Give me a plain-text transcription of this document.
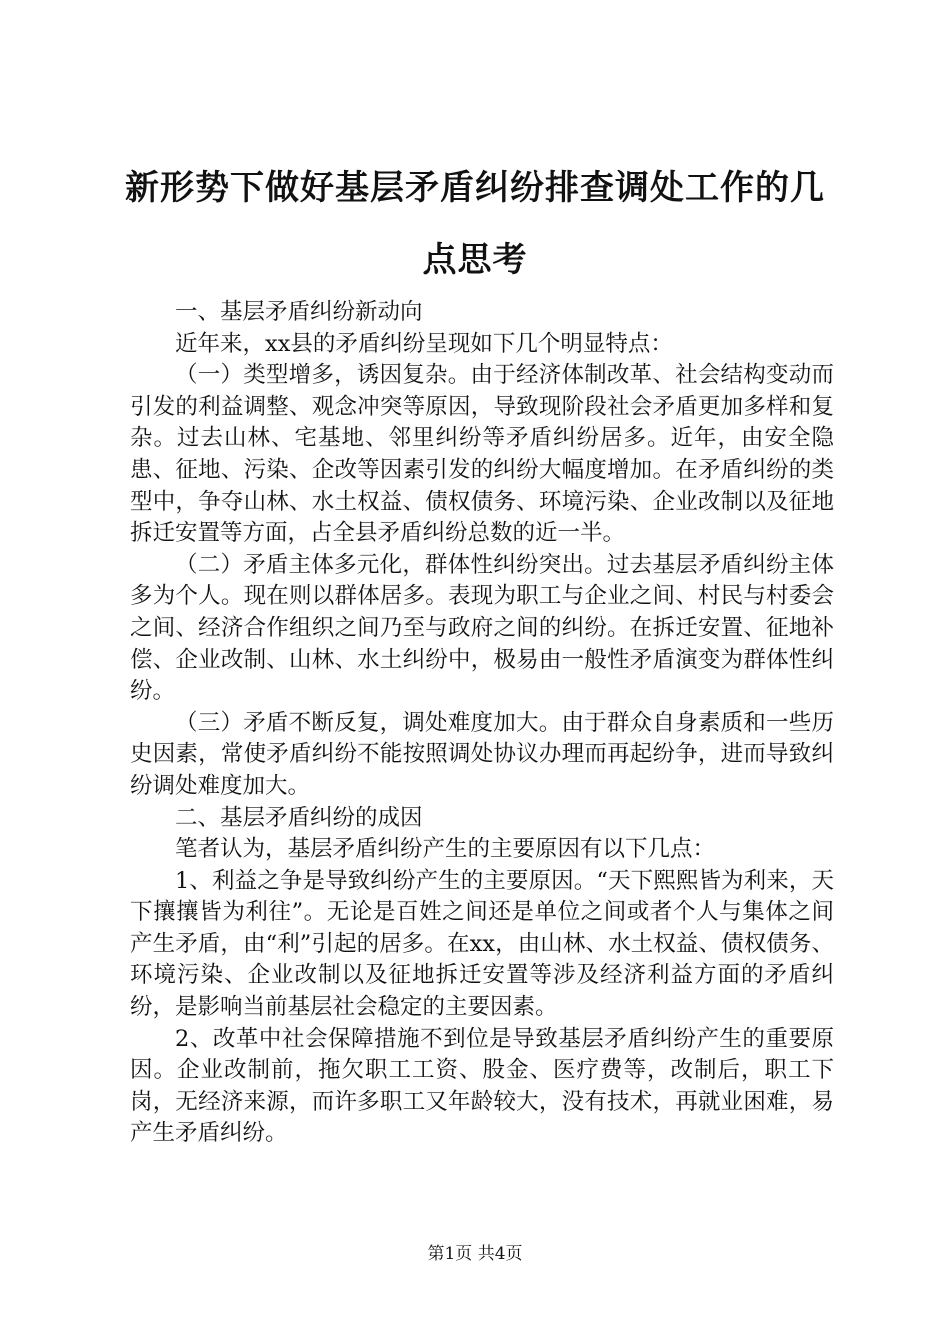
新形势下做好基层矛盾纠纷排查调处工作的几点思考

一、基层矛盾纠纷新动向

近年来，xx县的矛盾纠纷呈现如下几个明显特点：

（一）类型增多，诱因复杂。由于经济体制改革、社会结构变动而引发的利益调整、观念冲突等原因，导致现阶段社会矛盾更加多样和复杂。过去山林、宅基地、邻里纠纷等矛盾纠纷居多。近年，由安全隐患、征地、污染、企改等因素引发的纠纷大幅度增加。在矛盾纠纷的类型中，争夺山林、水土权益、债权债务、环境污染、企业改制以及征地拆迁安置等方面，占全县矛盾纠纷总数的近一半。

（二）矛盾主体多元化，群体性纠纷突出。过去基层矛盾纠纷主体多为个人。现在则以群体居多。表现为职工与企业之间、村民与村委会之间、经济合作组织之间乃至与政府之间的纠纷。在拆迁安置、征地补偿、企业改制、山林、水土纠纷中，极易由一般性矛盾演变为群体性纠纷。

（三）矛盾不断反复，调处难度加大。由于群众自身素质和一些历史因素，常使矛盾纠纷不能按照调处协议办理而再起纷争，进而导致纠纷调处难度加大。

二、基层矛盾纠纷的成因

笔者认为，基层矛盾纠纷产生的主要原因有以下几点：

1、利益之争是导致纠纷产生的主要原因。“天下熙熙皆为利来，天下攘攘皆为利往”。无论是百姓之间还是单位之间或者个人与集体之间产生矛盾，由“利”引起的居多。在xx，由山林、水土权益、债权债务、环境污染、企业改制以及征地拆迁安置等涉及经济利益方面的矛盾纠纷，是影响当前基层社会稳定的主要因素。

2、改革中社会保障措施不到位是导致基层矛盾纠纷产生的重要原因。企业改制前，拖欠职工工资、股金、医疗费等，改制后，职工下岗，无经济来源，而许多职工又年龄较大，没有技术，再就业困难，易产生矛盾纠纷。

第1页 共4页
